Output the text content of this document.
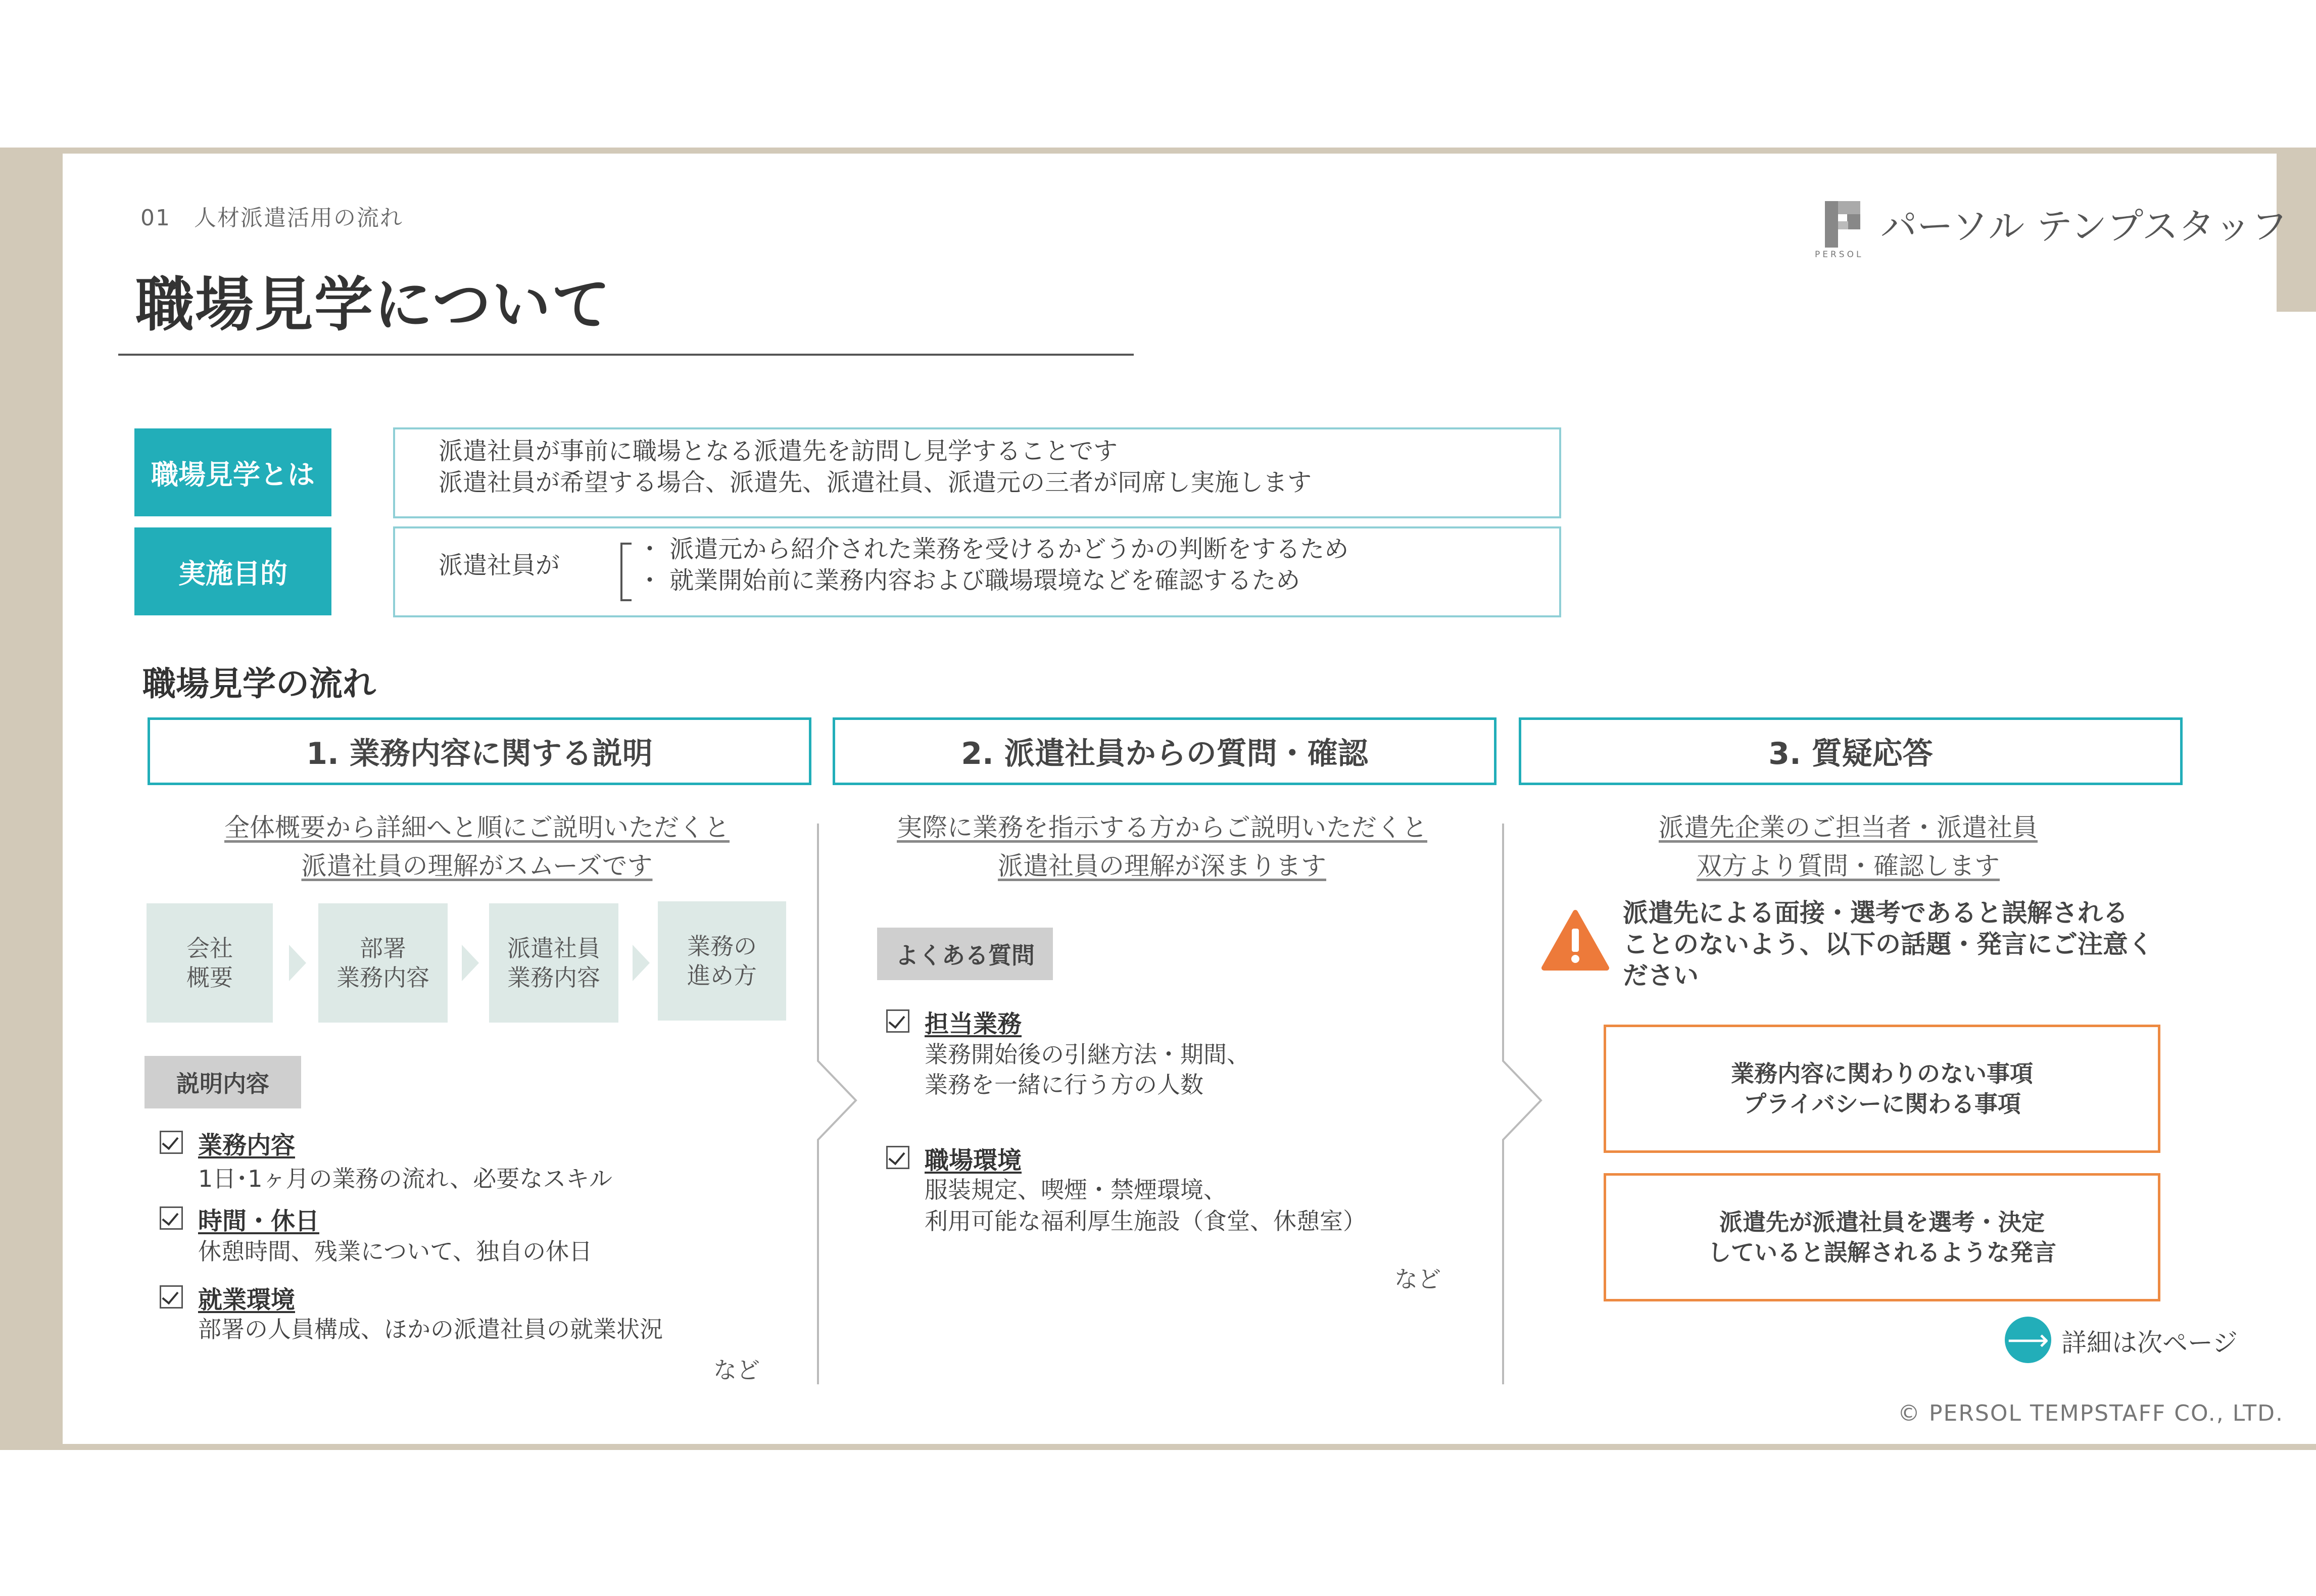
01　人材派遣活用の流れ
職場見学について
PERSOL
パーソル テンプスタッフ
職場見学とは
派遣社員が事前に職場となる派遣先を訪問し見学することです
派遣社員が希望する場合、派遣先、派遣社員、派遣元の三者が同席し実施します
実施目的	派遣社員が
・ 派遣元から紹介された業務を受けるかどうかの判断をするため
・ 就業開始前に業務内容および職場環境などを確認するため
職場見学の流れ
1. 業務内容に関する説明	2. 派遣社員からの質問・確認	3. 質疑応答
全体概要から詳細へと順にご説明いただくと
派遣社員の理解がスムーズです
会社
概要
部署
業務内容
派遣社員
業務内容
業務の
進め方
説明内容
業務内容
1日･1ヶ月の業務の流れ、必要なスキル
時間・休日
休憩時間、残業について、独自の休日
就業環境
部署の人員構成、ほかの派遣社員の就業状況
など
実際に業務を指示する方からご説明いただくと
派遣社員の理解が深まります
よくある質問
担当業務
業務開始後の引継方法・期間、
業務を一緒に行う方の人数
職場環境
服装規定、喫煙・禁煙環境、
利用可能な福利厚生施設（食堂、休憩室）
など
派遣先企業のご担当者・派遣社員
双方より質問・確認します
派遣先による面接・選考であると誤解される
ことのないよう、以下の話題・発言にご注意く
ださい
業務内容に関わりのない事項
プライバシーに関わる事項
派遣先が派遣社員を選考・決定
していると誤解されるような発言
⟶ 詳細は次ページ
© PERSOL TEMPSTAFF CO., LTD.
